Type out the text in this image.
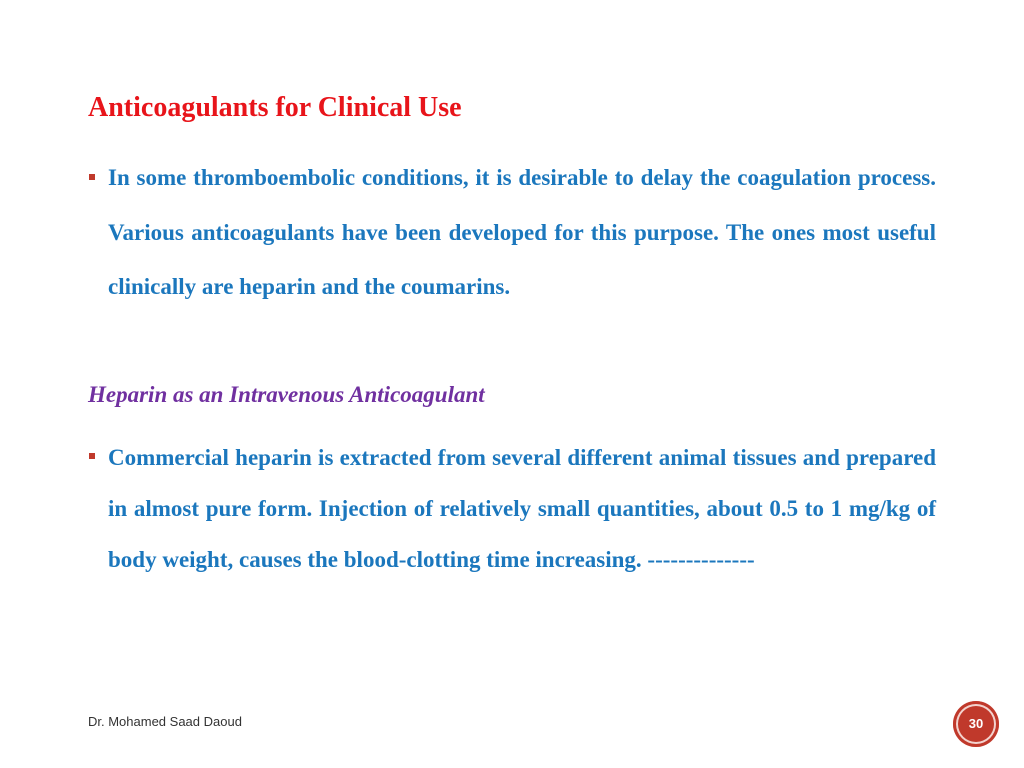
Anticoagulants for Clinical Use
In some thromboembolic conditions, it is desirable to delay the coagulation process. Various anticoagulants have been developed for this purpose. The ones most useful clinically are heparin and the coumarins.
Heparin as an Intravenous Anticoagulant
Commercial heparin is extracted from several different animal tissues and prepared in almost pure form. Injection of relatively small quantities, about 0.5 to 1 mg/kg of body weight, causes the blood-clotting time increasing. --------------
Dr. Mohamed Saad Daoud	30
